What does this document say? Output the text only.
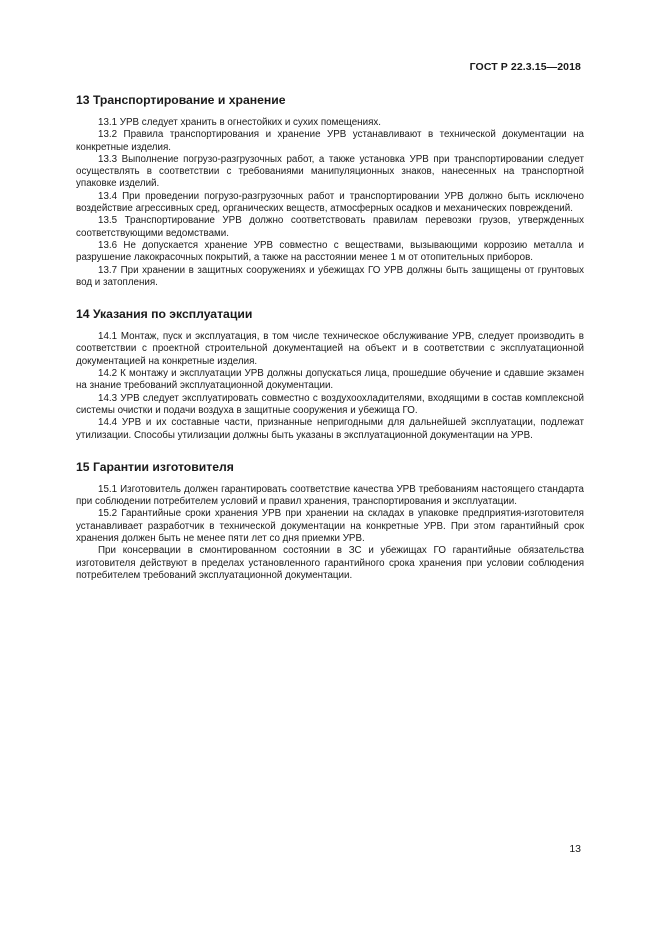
ГОСТ Р 22.3.15—2018
13 Транспортирование и хранение

13.1 УРВ следует хранить в огнестойких и сухих помещениях.

13.2 Правила транспортирования и хранение УРВ устанавливают в технической документации на конкретные изделия.

13.3 Выполнение погрузо-разгрузочных работ, а также установка УРВ при транспортировании следует осуществлять в соответствии с требованиями манипуляционных знаков, нанесенных на транспортной упаковке изделий.

13.4 При проведении погрузо-разгрузочных работ и транспортировании УРВ должно быть исключено воздействие агрессивных сред, органических веществ, атмосферных осадков и механических повреждений.

13.5 Транспортирование УРВ должно соответствовать правилам перевозки грузов, утвержденных соответствующими ведомствами.

13.6 Не допускается хранение УРВ совместно с веществами, вызывающими коррозию металла и разрушение лакокрасочных покрытий, а также на расстоянии менее 1 м от отопительных приборов.

13.7 При хранении в защитных сооружениях и убежищах ГО УРВ должны быть защищены от грунтовых вод и затопления.

14 Указания по эксплуатации

14.1 Монтаж, пуск и эксплуатация, в том числе техническое обслуживание УРВ, следует производить в соответствии с проектной строительной документацией на объект и в соответствии с эксплуатационной документацией на конкретные изделия.

14.2 К монтажу и эксплуатации УРВ должны допускаться лица, прошедшие обучение и сдавшие экзамен на знание требований эксплуатационной документации.

14.3 УРВ следует эксплуатировать совместно с воздухоохладителями, входящими в состав комплексной системы очистки и подачи воздуха в защитные сооружения и убежища ГО.

14.4 УРВ и их составные части, признанные непригодными для дальнейшей эксплуатации, подлежат утилизации. Способы утилизации должны быть указаны в эксплуатационной документации на УРВ.

15 Гарантии изготовителя

15.1 Изготовитель должен гарантировать соответствие качества УРВ требованиям настоящего стандарта при соблюдении потребителем условий и правил хранения, транспортирования и эксплуатации.

15.2 Гарантийные сроки хранения УРВ при хранении на складах в упаковке предприятия-изготовителя устанавливает разработчик в технической документации на конкретные УРВ. При этом гарантийный срок хранения должен быть не менее пяти лет со дня приемки УРВ.

При консервации в смонтированном состоянии в ЗС и убежищах ГО гарантийные обязательства изготовителя действуют в пределах установленного гарантийного срока хранения при условии соблюдения потребителем требований эксплуатационной документации.

13
